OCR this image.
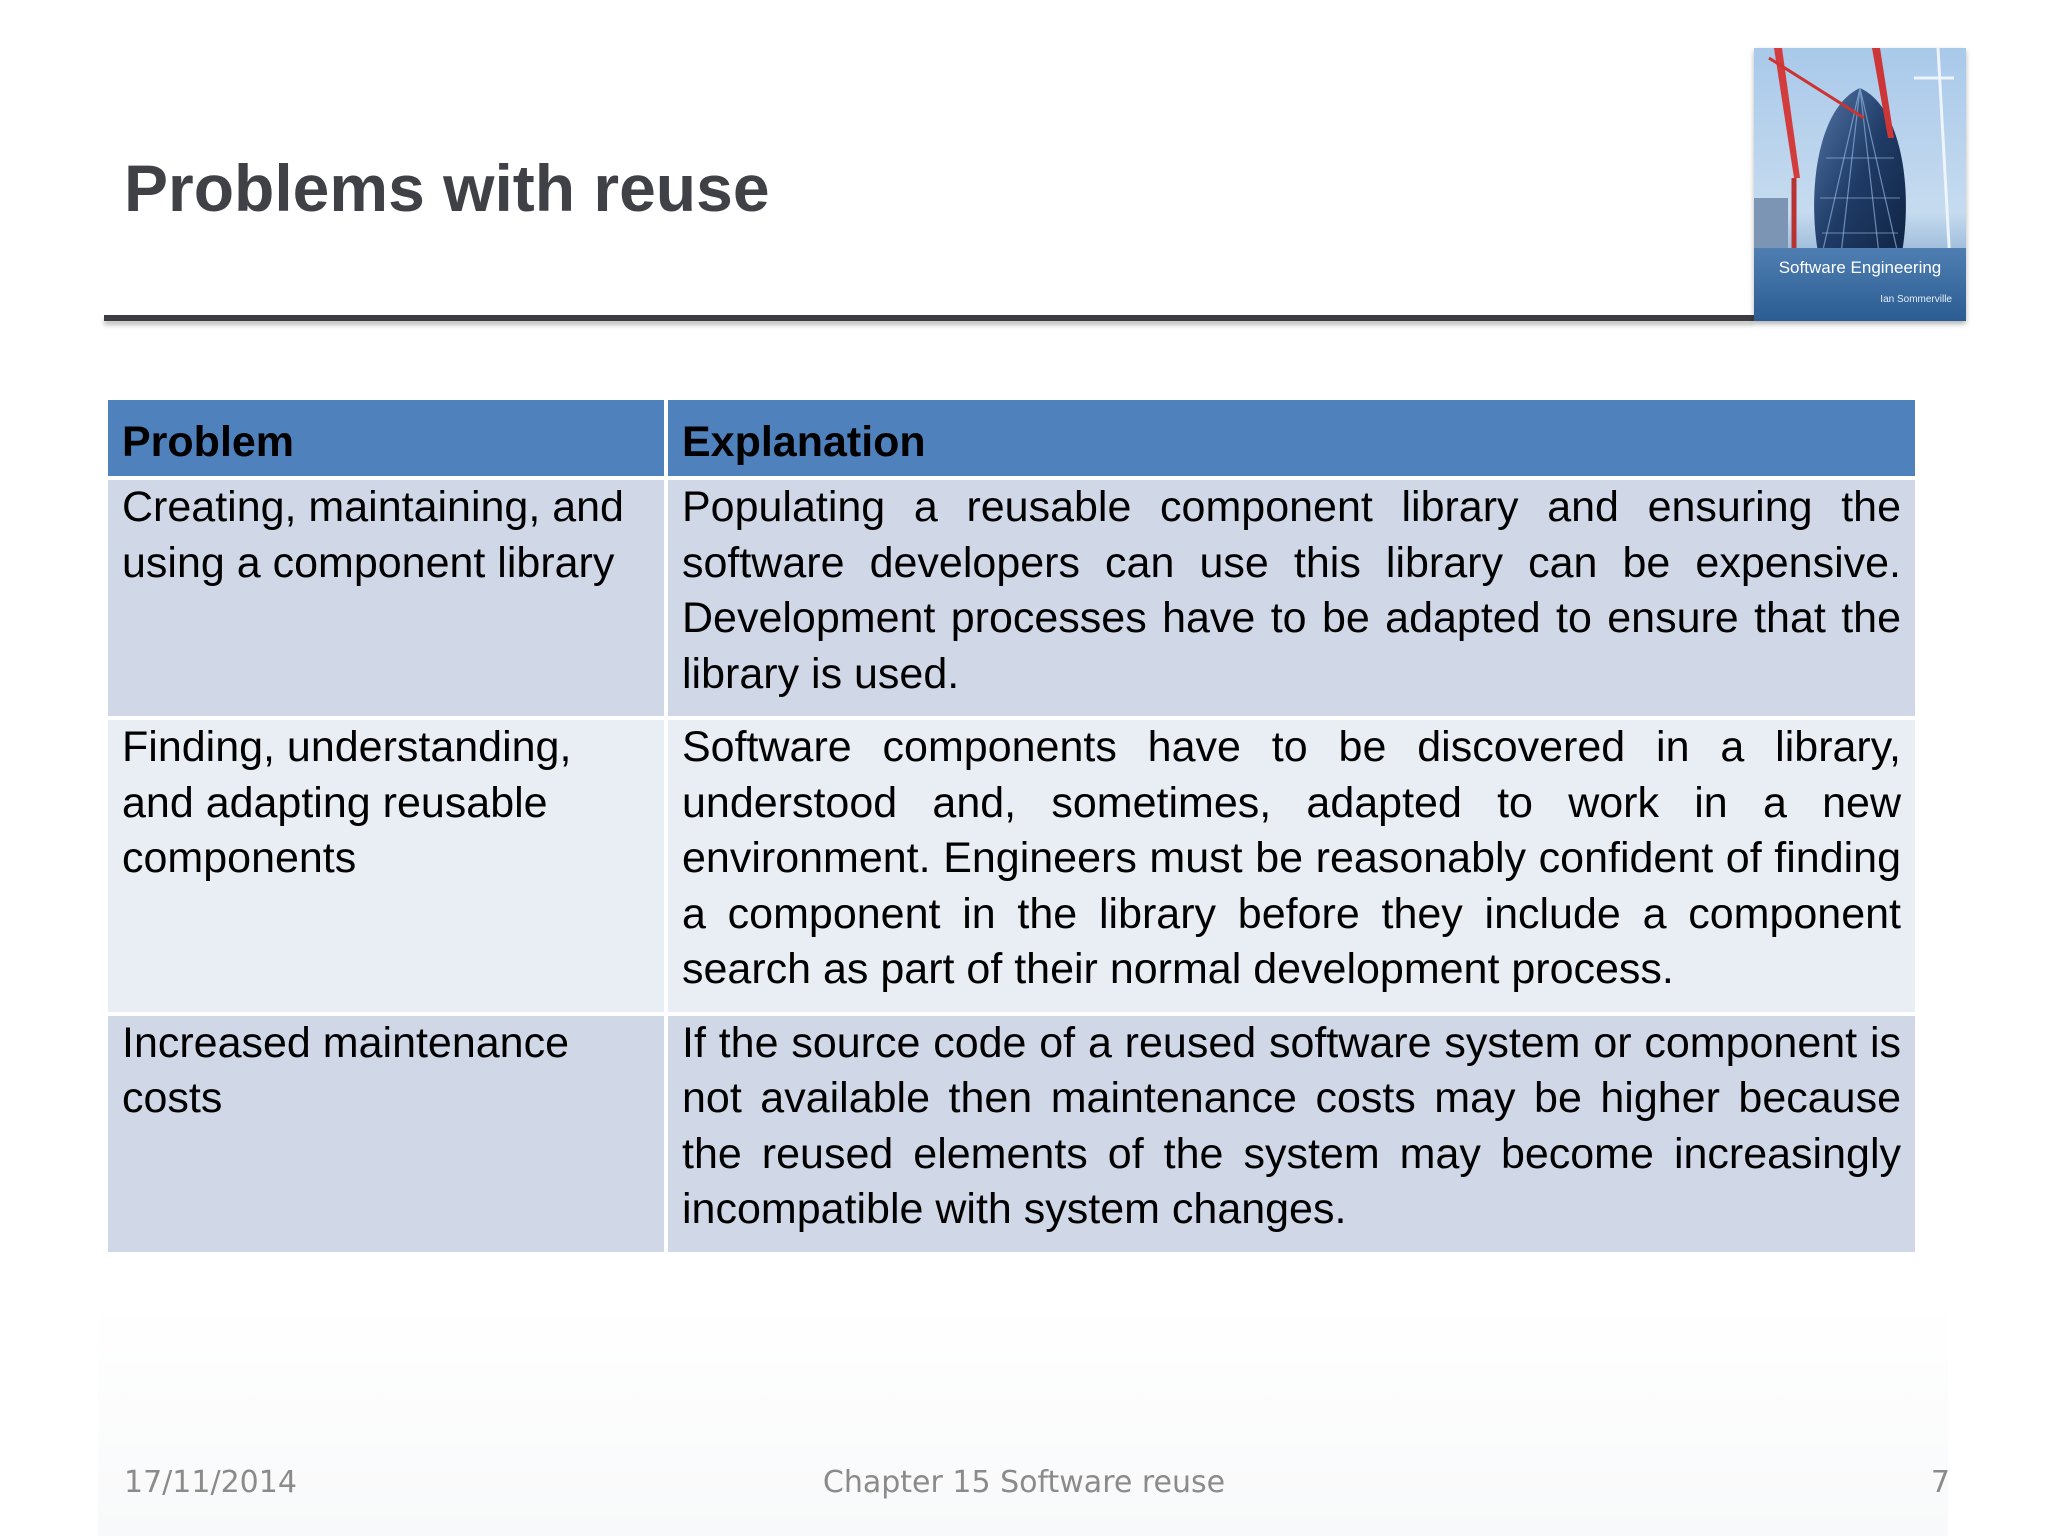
Problems with reuse
Software Engineering
Ian Sommerville
Problem	Explanation
Creating, maintaining, and using a component library	Populating a reusable component library and ensuring the software developers can use this library can be expensive. Development processes have to be adapted to ensure that the library is used.
Finding, understanding, and adapting reusable components	Software components have to be discovered in a library, understood and, sometimes, adapted to work in a new environment. Engineers must be reasonably confident of finding a component in the library before they include a component search as part of their normal development process.
Increased maintenance costs	If the source code of a reused software system or component is not available then maintenance costs may be higher because the reused elements of the system may become increasingly incompatible with system changes.
17/11/2014	Chapter 15 Software reuse	7
